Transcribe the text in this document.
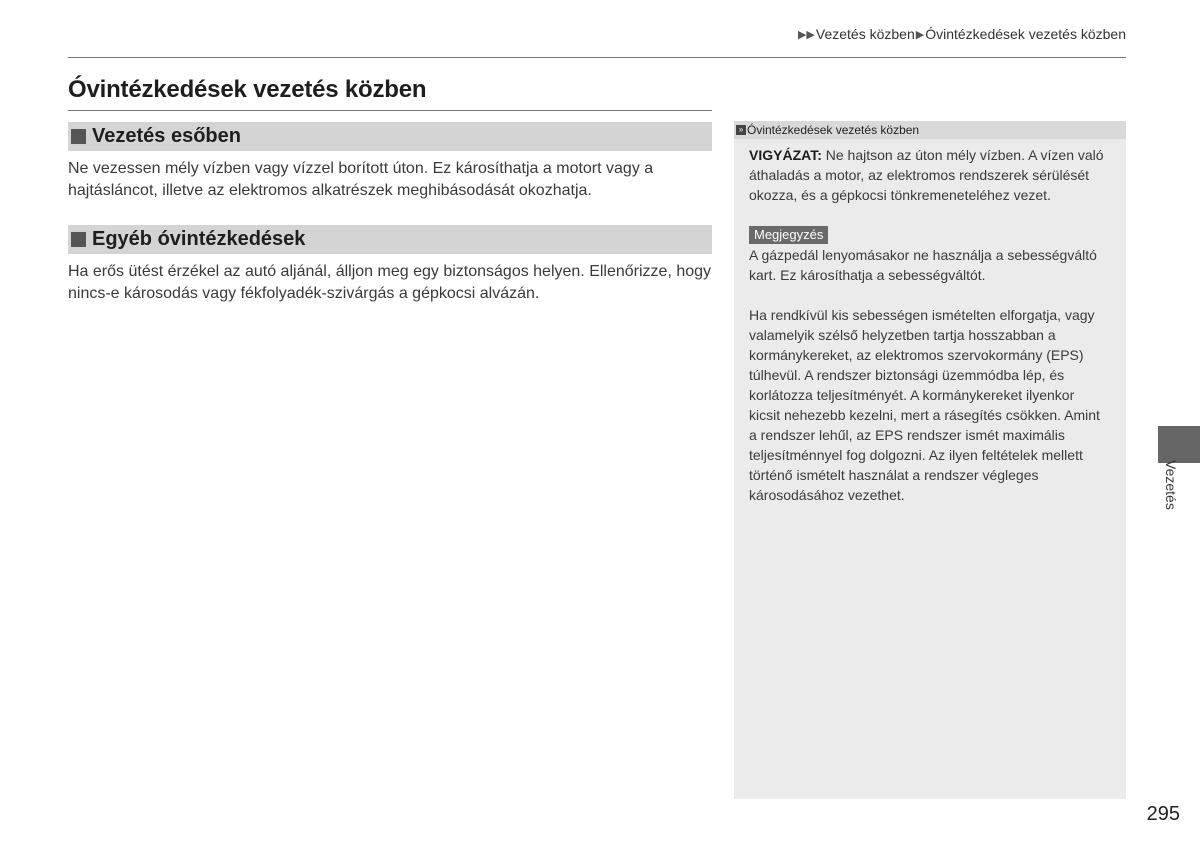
▶▶Vezetés közben▶Óvintézkedések vezetés közben
Óvintézkedések vezetés közben
Vezetés esőben
Ne vezessen mély vízben vagy vízzel borított úton. Ez károsíthatja a motort vagy a hajtásláncot, illetve az elektromos alkatrészek meghibásodását okozhatja.
Egyéb óvintézkedések
Ha erős ütést érzékel az autó aljánál, álljon meg egy biztonságos helyen. Ellenőrizze, hogy nincs-e károsodás vagy fékfolyadék-szivárgás a gépkocsi alvázán.
» Óvintézkedések vezetés közben

VIGYÁZAT: Ne hajtson az úton mély vízben. A vízen való áthaladás a motor, az elektromos rendszerek sérülését okozza, és a gépkocsi tönkremeneteléhez vezet.

Megjegyzés

A gázpedál lenyomásakor ne használja a sebességváltó kart. Ez károsíthatja a sebességváltót.

Ha rendkívül kis sebességen ismételten elforgatja, vagy valamelyik szélső helyzetben tartja hosszabban a kormánykereket, az elektromos szervokormány (EPS) túlhevül. A rendszer biztonsági üzemmódba lép, és korlátozza teljesítményét. A kormánykereket ilyenkor kicsit nehezebb kezelni, mert a rásegítés csökken. Amint a rendszer lehűl, az EPS rendszer ismét maximális teljesítménnyel fog dolgozni. Az ilyen feltételek mellett történő ismételt használat a rendszer végleges károsodásához vezethet.	Vezetés
295
